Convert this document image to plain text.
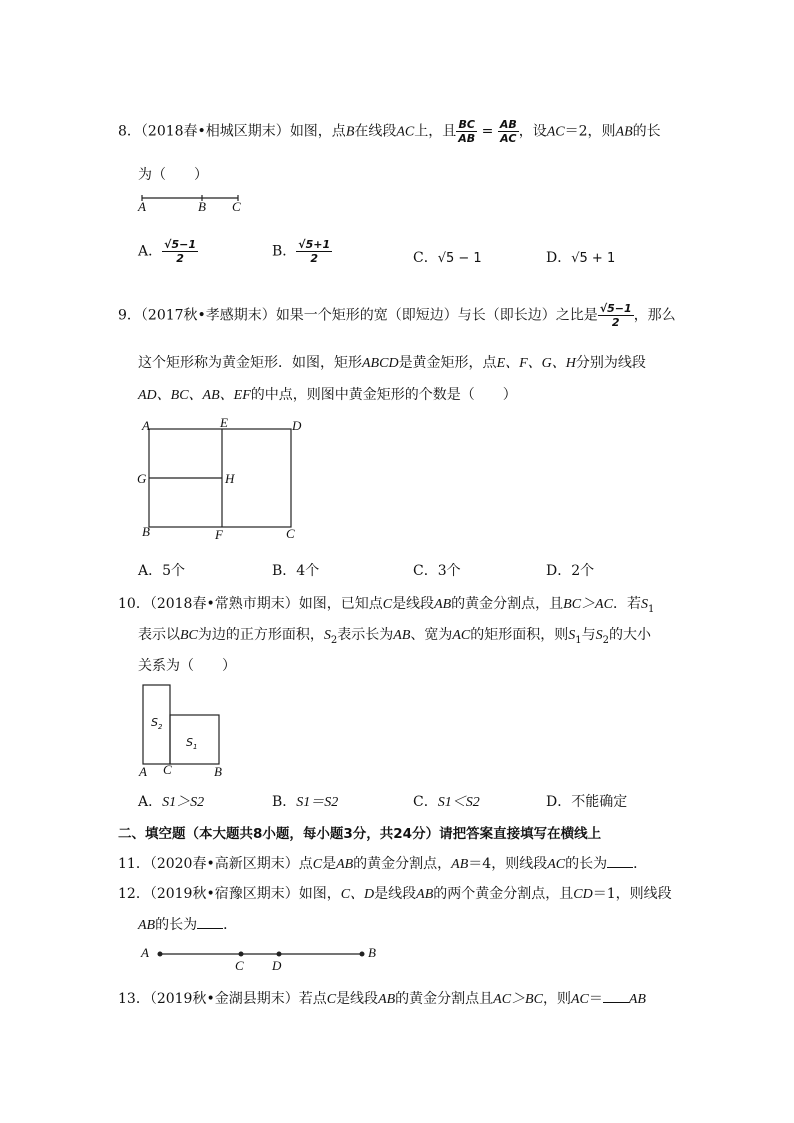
8．（2018春•相城区期末）如图，点B在线段AC上，且 $\frac{BC}{AB} = \frac{AB}{AC}$ ，设AC＝2，则AB的长
为（　　）
A	B C
A． $\frac{√5-1}{2}$	B． $\frac{√5+1}{2}$	C．√5 − 1	D．√5 + 1
9．（2017秋•孝感期末）如果一个矩形的宽（即短边）与长（即长边）之比是 $\frac{√5-1}{2}$ ，那么
这个矩形称为黄金矩形．如图，矩形ABCD是黄金矩形，点E、F、G、H分别为线段
AD、BC、AB、EF的中点，则图中黄金矩形的个数是（　　）
A	E	D
G	H
B	F	C
A．5个	B．4个	C．3个	D．2个
10．（2018春•常熟市期末）如图，已知点C是线段AB的黄金分割点，且BC＞AC．若$S_1$
表示以BC为边的正方形面积，$S_2$表示长为AB、宽为AC的矩形面积，则$S_1$与$S_2$的大小
关系为（　　）
$S_2$
$S_1$
A C	B
A．S1＞S2	B．S1＝S2	C．S1＜S2	D．不能确定
二、填空题（本大题共8小题，每小题3分，共24分）请把答案直接填写在横线上
11．（2020春•高新区期末）点C是AB的黄金分割点，AB＝4，则线段AC的长为 ．
12．（2019秋•宿豫区期末）如图，C、D是线段AB的两个黄金分割点，且CD＝1，则线段
AB的长为 ．
A
C D
B
13．（2019秋•金湖县期末）若点C是线段AB的黄金分割点且AC＞BC，则AC＝ AB
